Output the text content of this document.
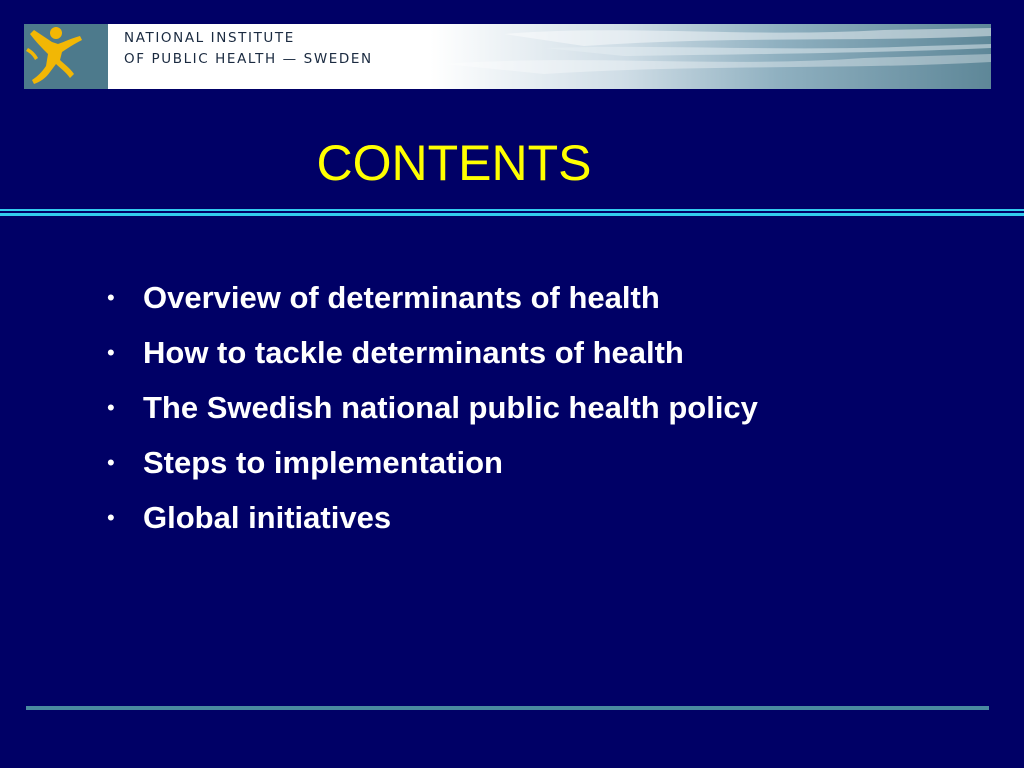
NATIONAL INSTITUTE
OF PUBLIC HEALTH — SWEDEN
CONTENTS
•
Overview of determinants of health
•
How to tackle determinants of health
•
The Swedish national public health policy
•
Steps to implementation
•
Global initiatives
